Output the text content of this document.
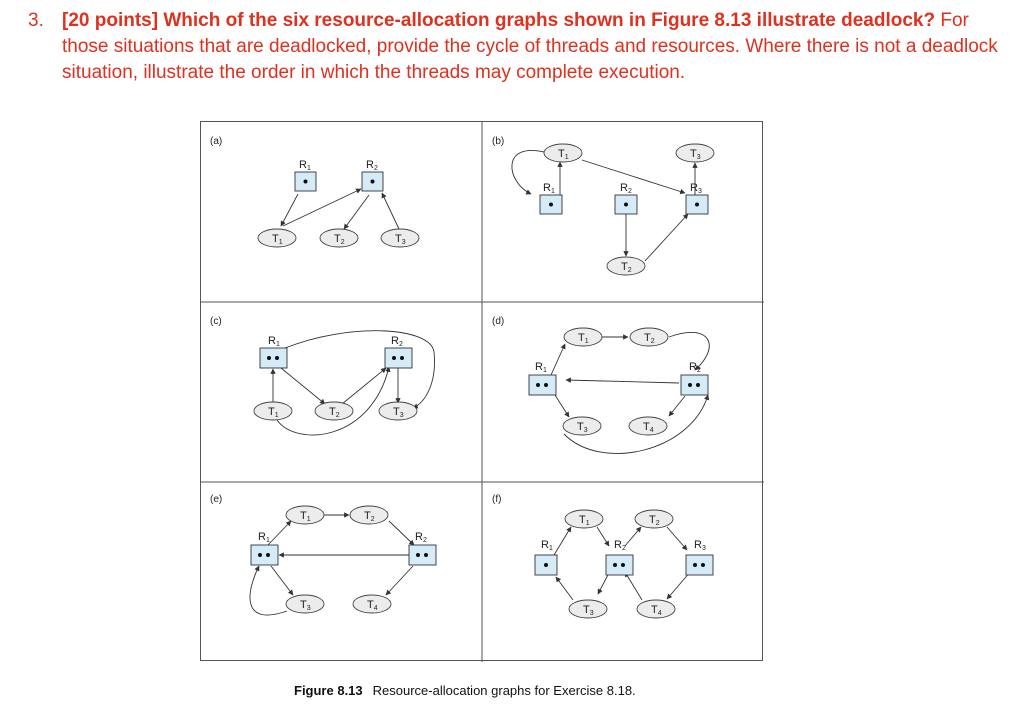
3. [20 points] Which of the six resource-allocation graphs shown in Figure 8.13 illustrate deadlock? For those situations that are deadlocked, provide the cycle of threads and resources. Where there is not a deadlock situation, illustrate the order in which the threads may complete execution.
(a)
R1	R2
T1	T2	T3
(b)
R1	R2	R3
T1	T3
T2
(c)
R1	R2
T1	T2	T3
(d)
R1	R2
T1	T2
T3	T4
(e)
R1	R2
T1	T2
T3	T4
(f)
R1	R2	R3
T1	T2
T3	T4
Figure 8.13 Resource-allocation graphs for Exercise 8.18.
